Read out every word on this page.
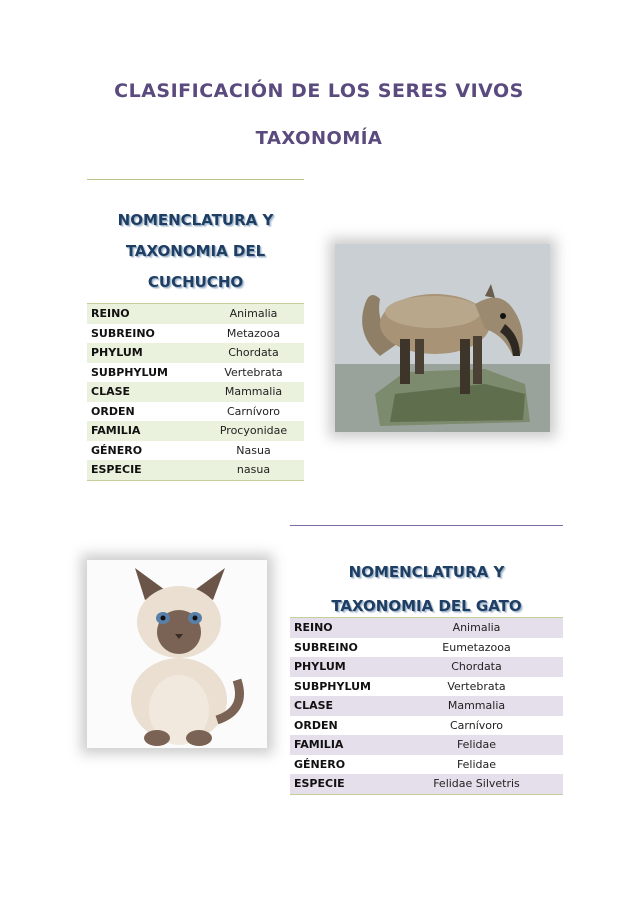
CLASIFICACIÓN DE LOS SERES VIVOS
TAXONOMÍA
NOMENCLATURA Y
TAXONOMIA DEL
CUCHUCHO
REINO	Animalia
SUBREINO	Metazooa
PHYLUM	Chordata
SUBPHYLUM	Vertebrata
CLASE	Mammalia
ORDEN	Carnívoro
FAMILIA	Procyonidae
GÉNERO	Nasua
ESPECIE	nasua
NOMENCLATURA Y
TAXONOMIA DEL GATO
REINO	Animalia
SUBREINO	Eumetazooa
PHYLUM	Chordata
SUBPHYLUM	Vertebrata
CLASE	Mammalia
ORDEN	Carnívoro
FAMILIA	Felidae
GÉNERO	Felidae
ESPECIE	Felidae Silvetris
